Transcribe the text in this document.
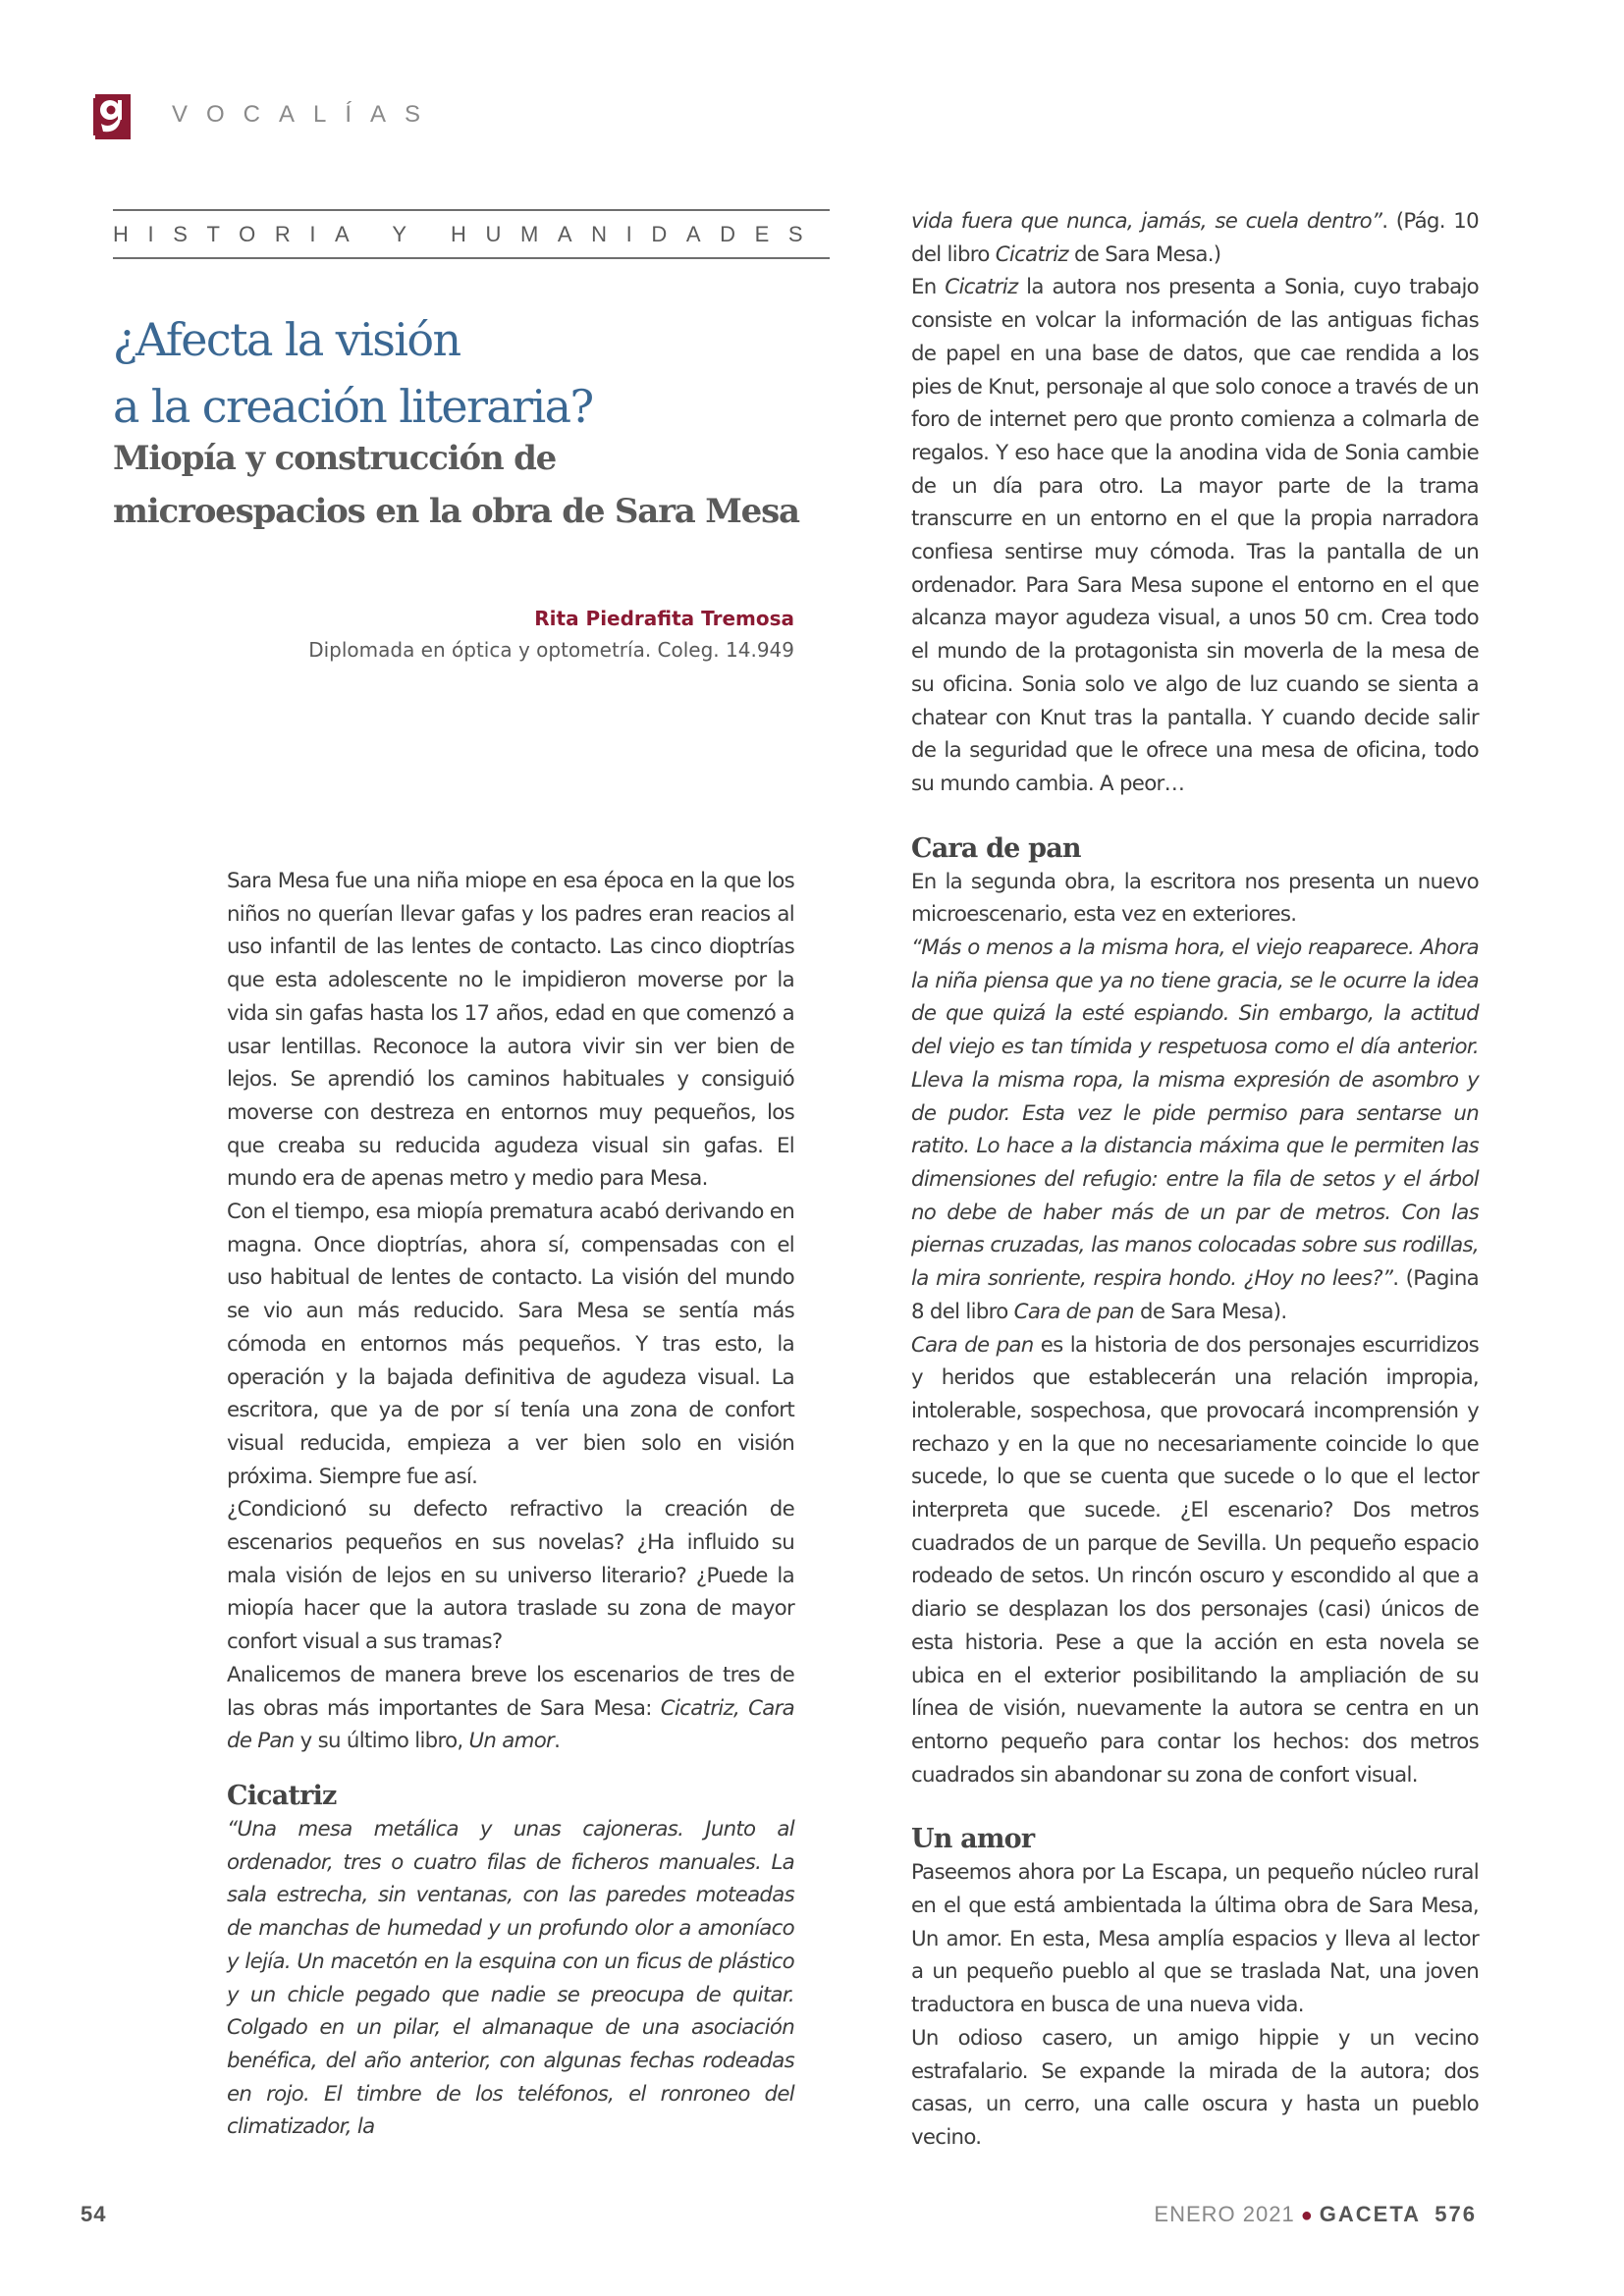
VOCALÍAS
HISTORIA Y HUMANIDADES
¿Afecta la visión
a la creación literaria?
Miopía y construcción de
microespacios en la obra de Sara Mesa
Rita Piedrafita Tremosa
Diplomada en óptica y optometría. Coleg. 14.949

Sara Mesa fue una niña miope en esa época en la que los niños no querían llevar gafas y los padres eran reacios al uso infantil de las lentes de contacto. Las cinco dioptrías que esta adolescente no le impidieron moverse por la vida sin gafas hasta los 17 años, edad en que comenzó a usar lentillas. Reconoce la autora vivir sin ver bien de lejos. Se aprendió los caminos habituales y consiguió moverse con destreza en entornos muy pequeños, los que creaba su reducida agudeza visual sin gafas. El mundo era de apenas metro y medio para Mesa.

Con el tiempo, esa miopía prematura acabó derivando en magna. Once dioptrías, ahora sí, compensadas con el uso habitual de lentes de contacto. La visión del mundo se vio aun más reducido. Sara Mesa se sentía más cómoda en entornos más pequeños. Y tras esto, la operación y la bajada definitiva de agudeza visual. La escritora, que ya de por sí tenía una zona de confort visual reducida, empieza a ver bien solo en visión próxima. Siempre fue así.

¿Condicionó su defecto refractivo la creación de escenarios pequeños en sus novelas? ¿Ha influido su mala visión de lejos en su universo literario? ¿Puede la miopía hacer que la autora traslade su zona de mayor confort visual a sus tramas?

Analicemos de manera breve los escenarios de tres de las obras más importantes de Sara Mesa: Cicatriz, Cara de Pan y su último libro, Un amor.

Cicatriz

“Una mesa metálica y unas cajoneras. Junto al ordenador, tres o cuatro filas de ficheros manuales. La sala estrecha, sin ventanas, con las paredes moteadas de manchas de humedad y un profundo olor a amoníaco y lejía. Un macetón en la esquina con un ficus de plástico y un chicle pegado que nadie se preocupa de quitar. Colgado en un pilar, el almanaque de una asociación benéfica, del año anterior, con algunas fechas rodeadas en rojo. El timbre de los teléfonos, el ronroneo del climatizador, la

vida fuera que nunca, jamás, se cuela dentro”. (Pág. 10 del libro Cicatriz de Sara Mesa.)

En Cicatriz la autora nos presenta a Sonia, cuyo trabajo consiste en volcar la información de las antiguas fichas de papel en una base de datos, que cae rendida a los pies de Knut, personaje al que solo conoce a través de un foro de internet pero que pronto comienza a colmarla de regalos. Y eso hace que la anodina vida de Sonia cambie de un día para otro. La mayor parte de la trama transcurre en un entorno en el que la propia narradora confiesa sentirse muy cómoda. Tras la pantalla de un ordenador. Para Sara Mesa supone el entorno en el que alcanza mayor agudeza visual, a unos 50 cm. Crea todo el mundo de la protagonista sin moverla de la mesa de su oficina. Sonia solo ve algo de luz cuando se sienta a chatear con Knut tras la pantalla. Y cuando decide salir de la seguridad que le ofrece una mesa de oficina, todo su mundo cambia. A peor…

Cara de pan

En la segunda obra, la escritora nos presenta un nuevo microescenario, esta vez en exteriores.

“Más o menos a la misma hora, el viejo reaparece. Ahora la niña piensa que ya no tiene gracia, se le ocurre la idea de que quizá la esté espiando. Sin embargo, la actitud del viejo es tan tímida y respetuosa como el día anterior. Lleva la misma ropa, la misma expresión de asombro y de pudor. Esta vez le pide permiso para sentarse un ratito. Lo hace a la distancia máxima que le permiten las dimensiones del refugio: entre la fila de setos y el árbol no debe de haber más de un par de metros. Con las piernas cruzadas, las manos colocadas sobre sus rodillas, la mira sonriente, respira hondo. ¿Hoy no lees?”. (Pagina 8 del libro Cara de pan de Sara Mesa).

Cara de pan es la historia de dos personajes escurridizos y heridos que establecerán una relación impropia, intolerable, sospechosa, que provocará incomprensión y rechazo y en la que no necesariamente coincide lo que sucede, lo que se cuenta que sucede o lo que el lector interpreta que sucede. ¿El escenario? Dos metros cuadrados de un parque de Sevilla. Un pequeño espacio rodeado de setos. Un rincón oscuro y escondido al que a diario se desplazan los dos personajes (casi) únicos de esta historia. Pese a que la acción en esta novela se ubica en el exterior posibilitando la ampliación de su línea de visión, nuevamente la autora se centra en un entorno pequeño para contar los hechos: dos metros cuadrados sin abandonar su zona de confort visual.

Un amor

Paseemos ahora por La Escapa, un pequeño núcleo rural en el que está ambientada la última obra de Sara Mesa, Un amor. En esta, Mesa amplía espacios y lleva al lector a un pequeño pueblo al que se traslada Nat, una joven traductora en busca de una nueva vida.

Un odioso casero, un amigo hippie y un vecino estrafalario. Se expande la mirada de la autora; dos casas, un cerro, una calle oscura y hasta un pueblo vecino.

54	ENERO 2021 ● GACETA 576
